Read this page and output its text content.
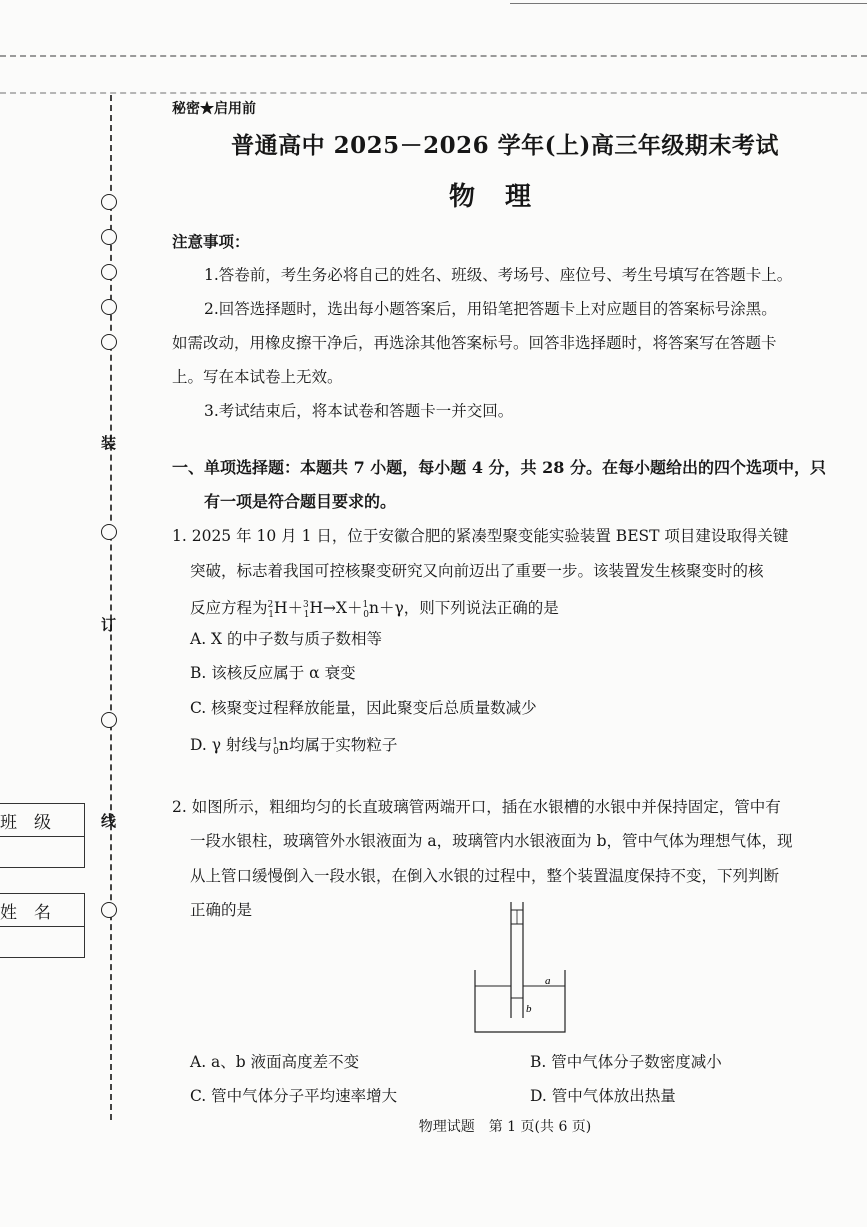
装
订
线
班　级
姓　名
秘密★启用前
普通高中 2025－2026 学年(上)高三年级期末考试
物理
注意事项：
1.答卷前，考生务必将自己的姓名、班级、考场号、座位号、考生号填写在答题卡上。
2.回答选择题时，选出每小题答案后，用铅笔把答题卡上对应题目的答案标号涂黑。
如需改动，用橡皮擦干净后，再选涂其他答案标号。回答非选择题时，将答案写在答题卡
上。写在本试卷上无效。
3.考试结束后，将本试卷和答题卡一并交回。
一、单项选择题：本题共 7 小题，每小题 4 分，共 28 分。在每小题给出的四个选项中，只
有一项是符合题目要求的。
1. 2025 年 10 月 1 日，位于安徽合肥的紧凑型聚变能实验装置 BEST 项目建设取得关键
突破，标志着我国可控核聚变研究又向前迈出了重要一步。该装置发生核聚变时的核
反应方程为$^2_1$H＋$^3_1$H→X＋$^1_0$n＋γ，则下列说法正确的是
A. X 的中子数与质子数相等
B. 该核反应属于 α 衰变
C. 核聚变过程释放能量，因此聚变后总质量数减少
D. γ 射线与$^1_0$n均属于实物粒子
2. 如图所示，粗细均匀的长直玻璃管两端开口，插在水银槽的水银中并保持固定，管中有
一段水银柱，玻璃管外水银液面为 a，玻璃管内水银液面为 b，管中气体为理想气体，现
从上管口缓慢倒入一段水银，在倒入水银的过程中，整个装置温度保持不变，下列判断
正确的是
a
b
A. a、b 液面高度差不变	B. 管中气体分子数密度减小
C. 管中气体分子平均速率增大	D. 管中气体放出热量
物理试题　第 1 页(共 6 页)
